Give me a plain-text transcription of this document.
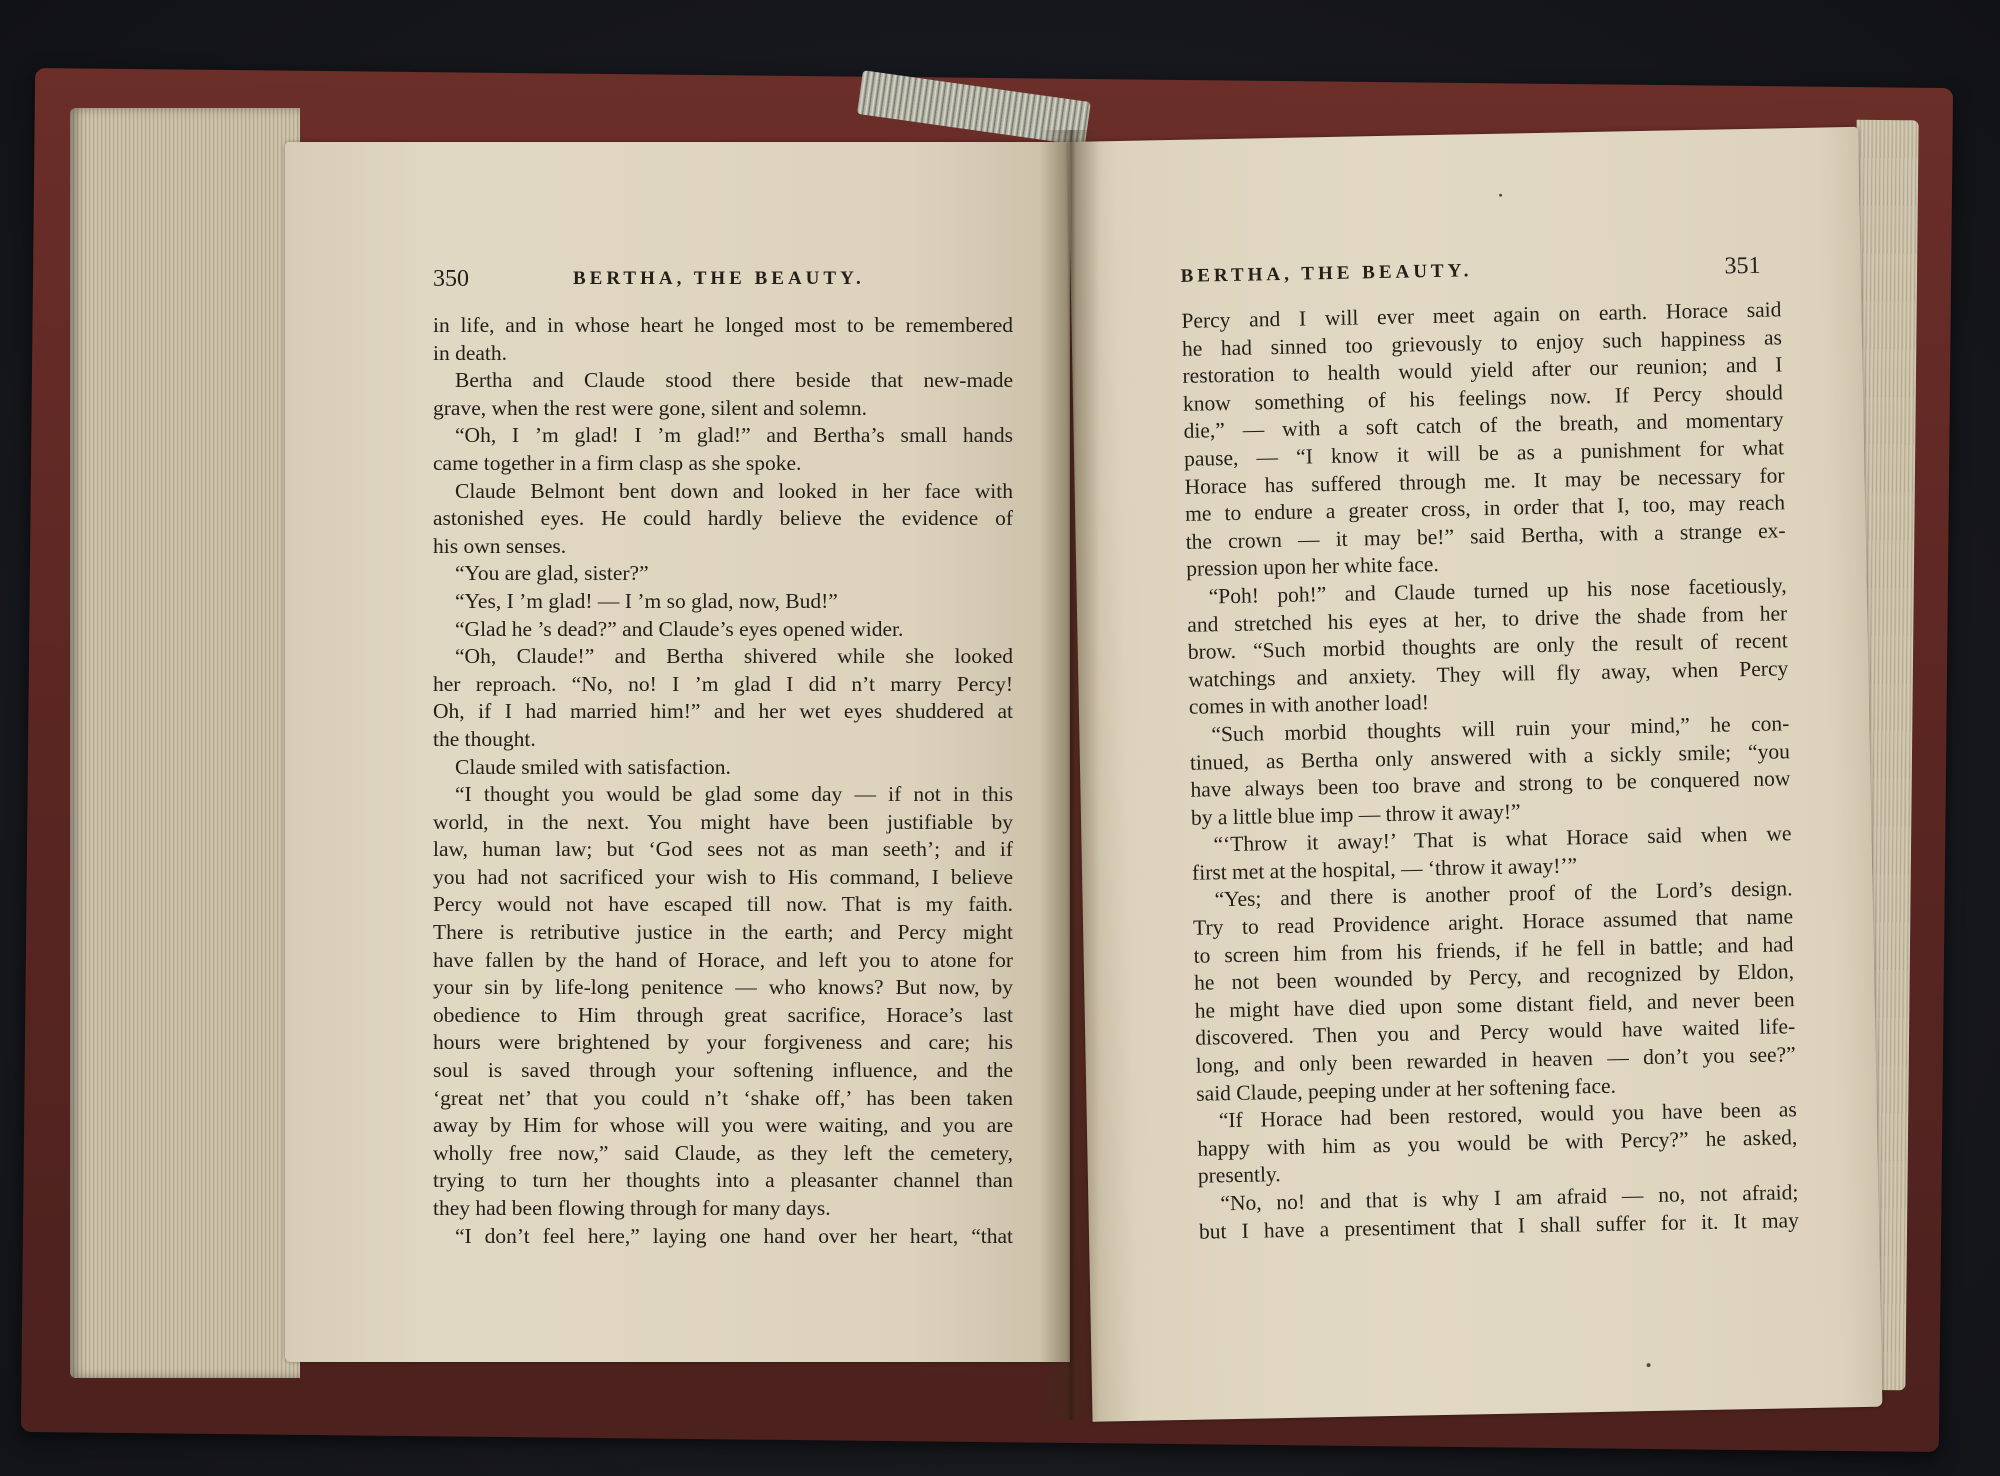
350	BERTHA, THE BEAUTY.
in life, and in whose heart he longed most to be remembered
in death.
Bertha and Claude stood there beside that new-made
grave, when the rest were gone, silent and solemn.
“Oh, I ’m glad! I ’m glad!” and Bertha’s small hands
came together in a firm clasp as she spoke.
Claude Belmont bent down and looked in her face with
astonished eyes. He could hardly believe the evidence of
his own senses.
“You are glad, sister?”
“Yes, I ’m glad! — I ’m so glad, now, Bud!”
“Glad he ’s dead?” and Claude’s eyes opened wider.
“Oh, Claude!” and Bertha shivered while she looked
her reproach. “No, no! I ’m glad I did n’t marry Percy!
Oh, if I had married him!” and her wet eyes shuddered at
the thought.
Claude smiled with satisfaction.
“I thought you would be glad some day — if not in this
world, in the next. You might have been justifiable by
law, human law; but ‘God sees not as man seeth’; and if
you had not sacrificed your wish to His command, I believe
Percy would not have escaped till now. That is my faith.
There is retributive justice in the earth; and Percy might
have fallen by the hand of Horace, and left you to atone for
your sin by life-long penitence — who knows? But now, by
obedience to Him through great sacrifice, Horace’s last
hours were brightened by your forgiveness and care; his
soul is saved through your softening influence, and the
‘great net’ that you could n’t ‘shake off,’ has been taken
away by Him for whose will you were waiting, and you are
wholly free now,” said Claude, as they left the cemetery,
trying to turn her thoughts into a pleasanter channel than
they had been flowing through for many days.
“I don’t feel here,” laying one hand over her heart, “that
BERTHA, THE BEAUTY.	351
Percy and I will ever meet again on earth. Horace said
he had sinned too grievously to enjoy such happiness as
restoration to health would yield after our reunion; and I
know something of his feelings now. If Percy should
die,” — with a soft catch of the breath, and momentary
pause, — “I know it will be as a punishment for what
Horace has suffered through me. It may be necessary for
me to endure a greater cross, in order that I, too, may reach
the crown — it may be!” said Bertha, with a strange ex-
pression upon her white face.
“Poh! poh!” and Claude turned up his nose facetiously,
and stretched his eyes at her, to drive the shade from her
brow. “Such morbid thoughts are only the result of recent
watchings and anxiety. They will fly away, when Percy
comes in with another load!
“Such morbid thoughts will ruin your mind,” he con-
tinued, as Bertha only answered with a sickly smile; “you
have always been too brave and strong to be conquered now
by a little blue imp — throw it away!”
“‘Throw it away!’ That is what Horace said when we
first met at the hospital, — ‘throw it away!’”
“Yes; and there is another proof of the Lord’s design.
Try to read Providence aright. Horace assumed that name
to screen him from his friends, if he fell in battle; and had
he not been wounded by Percy, and recognized by Eldon,
he might have died upon some distant field, and never been
discovered. Then you and Percy would have waited life-
long, and only been rewarded in heaven — don’t you see?”
said Claude, peeping under at her softening face.
“If Horace had been restored, would you have been as
happy with him as you would be with Percy?” he asked,
presently.
“No, no! and that is why I am afraid — no, not afraid;
but I have a presentiment that I shall suffer for it. It may
